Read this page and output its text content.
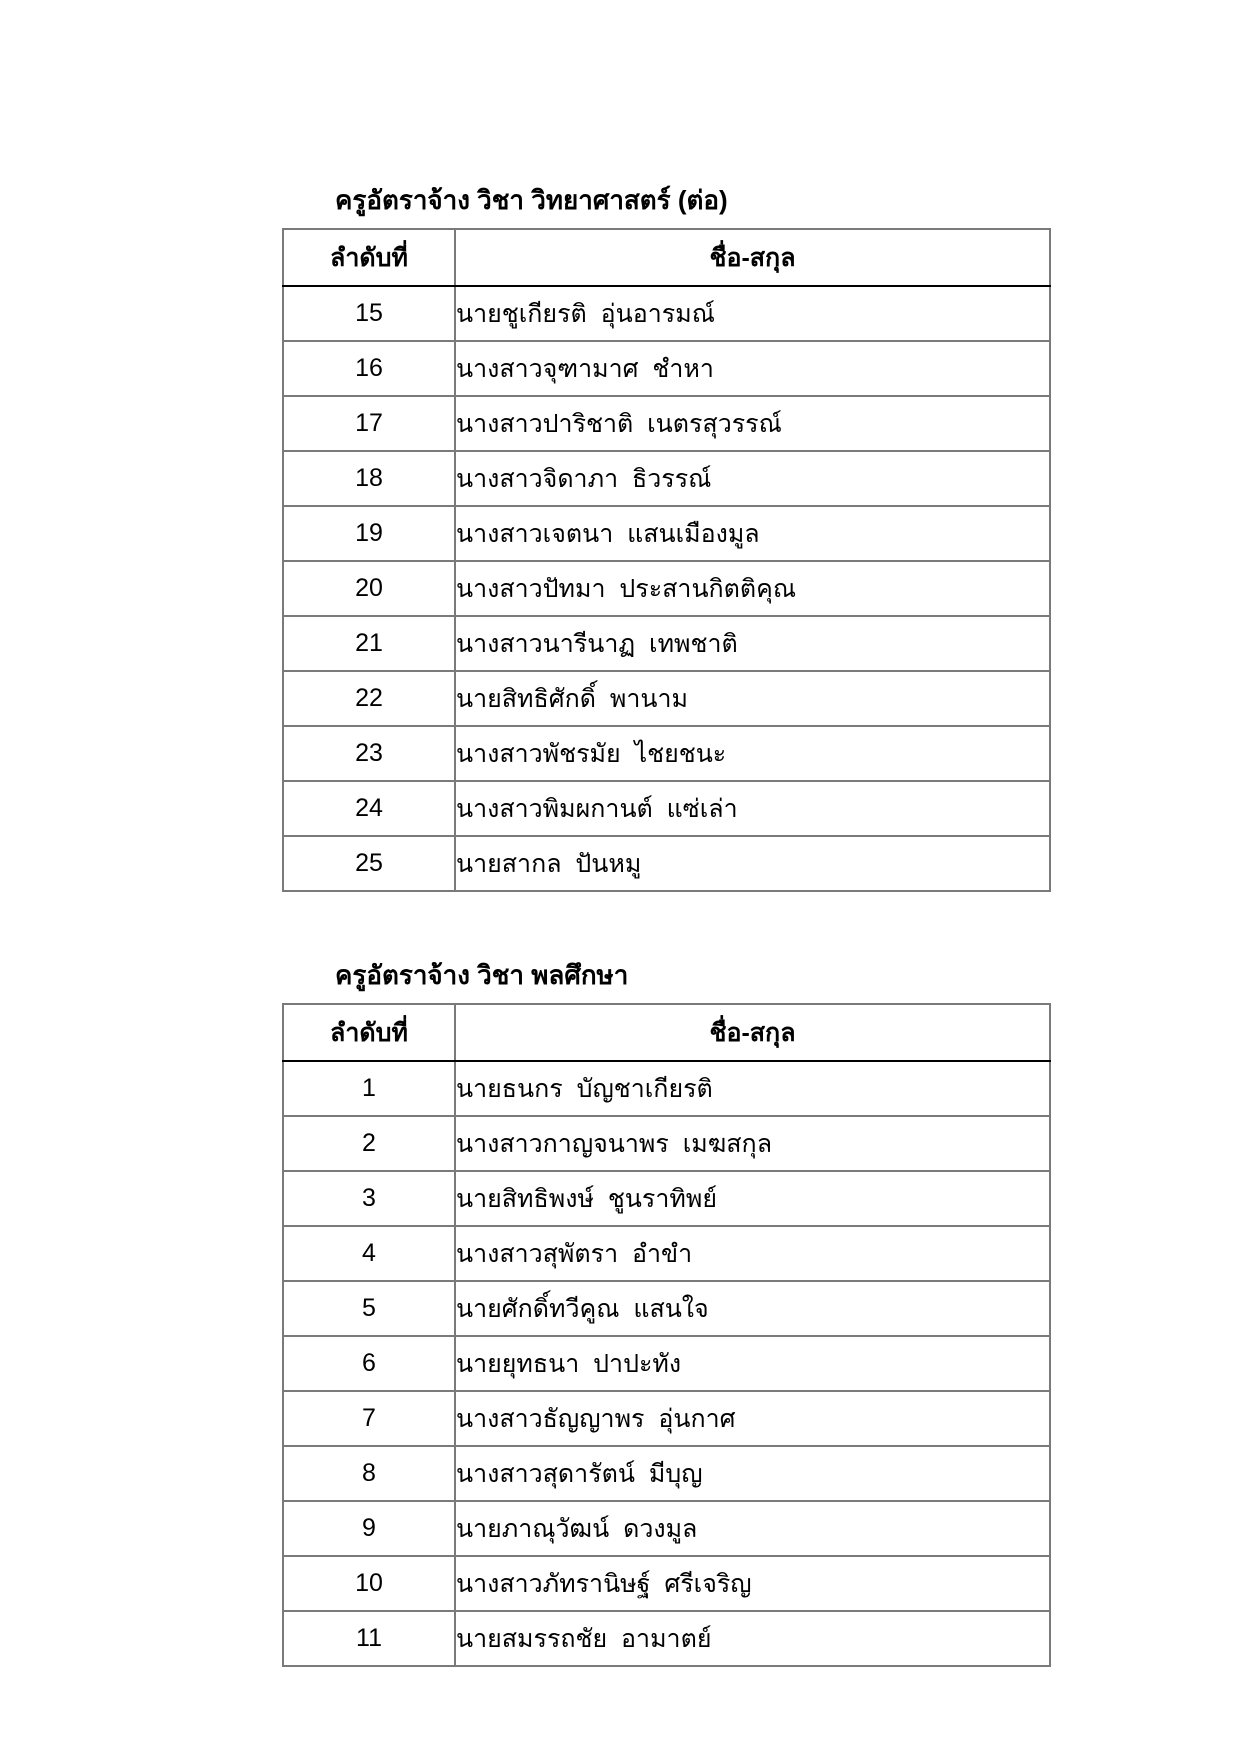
ครูอัตราจ้าง วิชา วิทยาศาสตร์ (ต่อ)
ลำดับที่	ชื่อ-สกุล
15	นายชูเกียรติ  อุ่นอารมณ์
16	นางสาวจุฑามาศ  ชำหา
17	นางสาวปาริชาติ  เนตรสุวรรณ์
18	นางสาวจิดาภา  ธิวรรณ์
19	นางสาวเจตนา  แสนเมืองมูล
20	นางสาวปัทมา  ประสานกิตติคุณ
21	นางสาวนารีนาฏ  เทพชาติ
22	นายสิทธิศักดิ์  พานาม
23	นางสาวพัชรมัย  ไชยชนะ
24	นางสาวพิมผกานต์  แซ่เล่า
25	นายสากล  ปันหมู
ครูอัตราจ้าง วิชา พลศึกษา
ลำดับที่	ชื่อ-สกุล
1	นายธนกร  บัญชาเกียรติ
2	นางสาวกาญจนาพร  เมฆสกุล
3	นายสิทธิพงษ์  ชูนราทิพย์
4	นางสาวสุพัตรา  อำขำ
5	นายศักดิ์ทวีคูณ  แสนใจ
6	นายยุทธนา  ปาปะทัง
7	นางสาวธัญญาพร  อุ่นกาศ
8	นางสาวสุดารัตน์  มีบุญ
9	นายภาณุวัฒน์  ดวงมูล
10	นางสาวภัทรานิษฐ์  ศรีเจริญ
11	นายสมรรถชัย  อามาตย์
